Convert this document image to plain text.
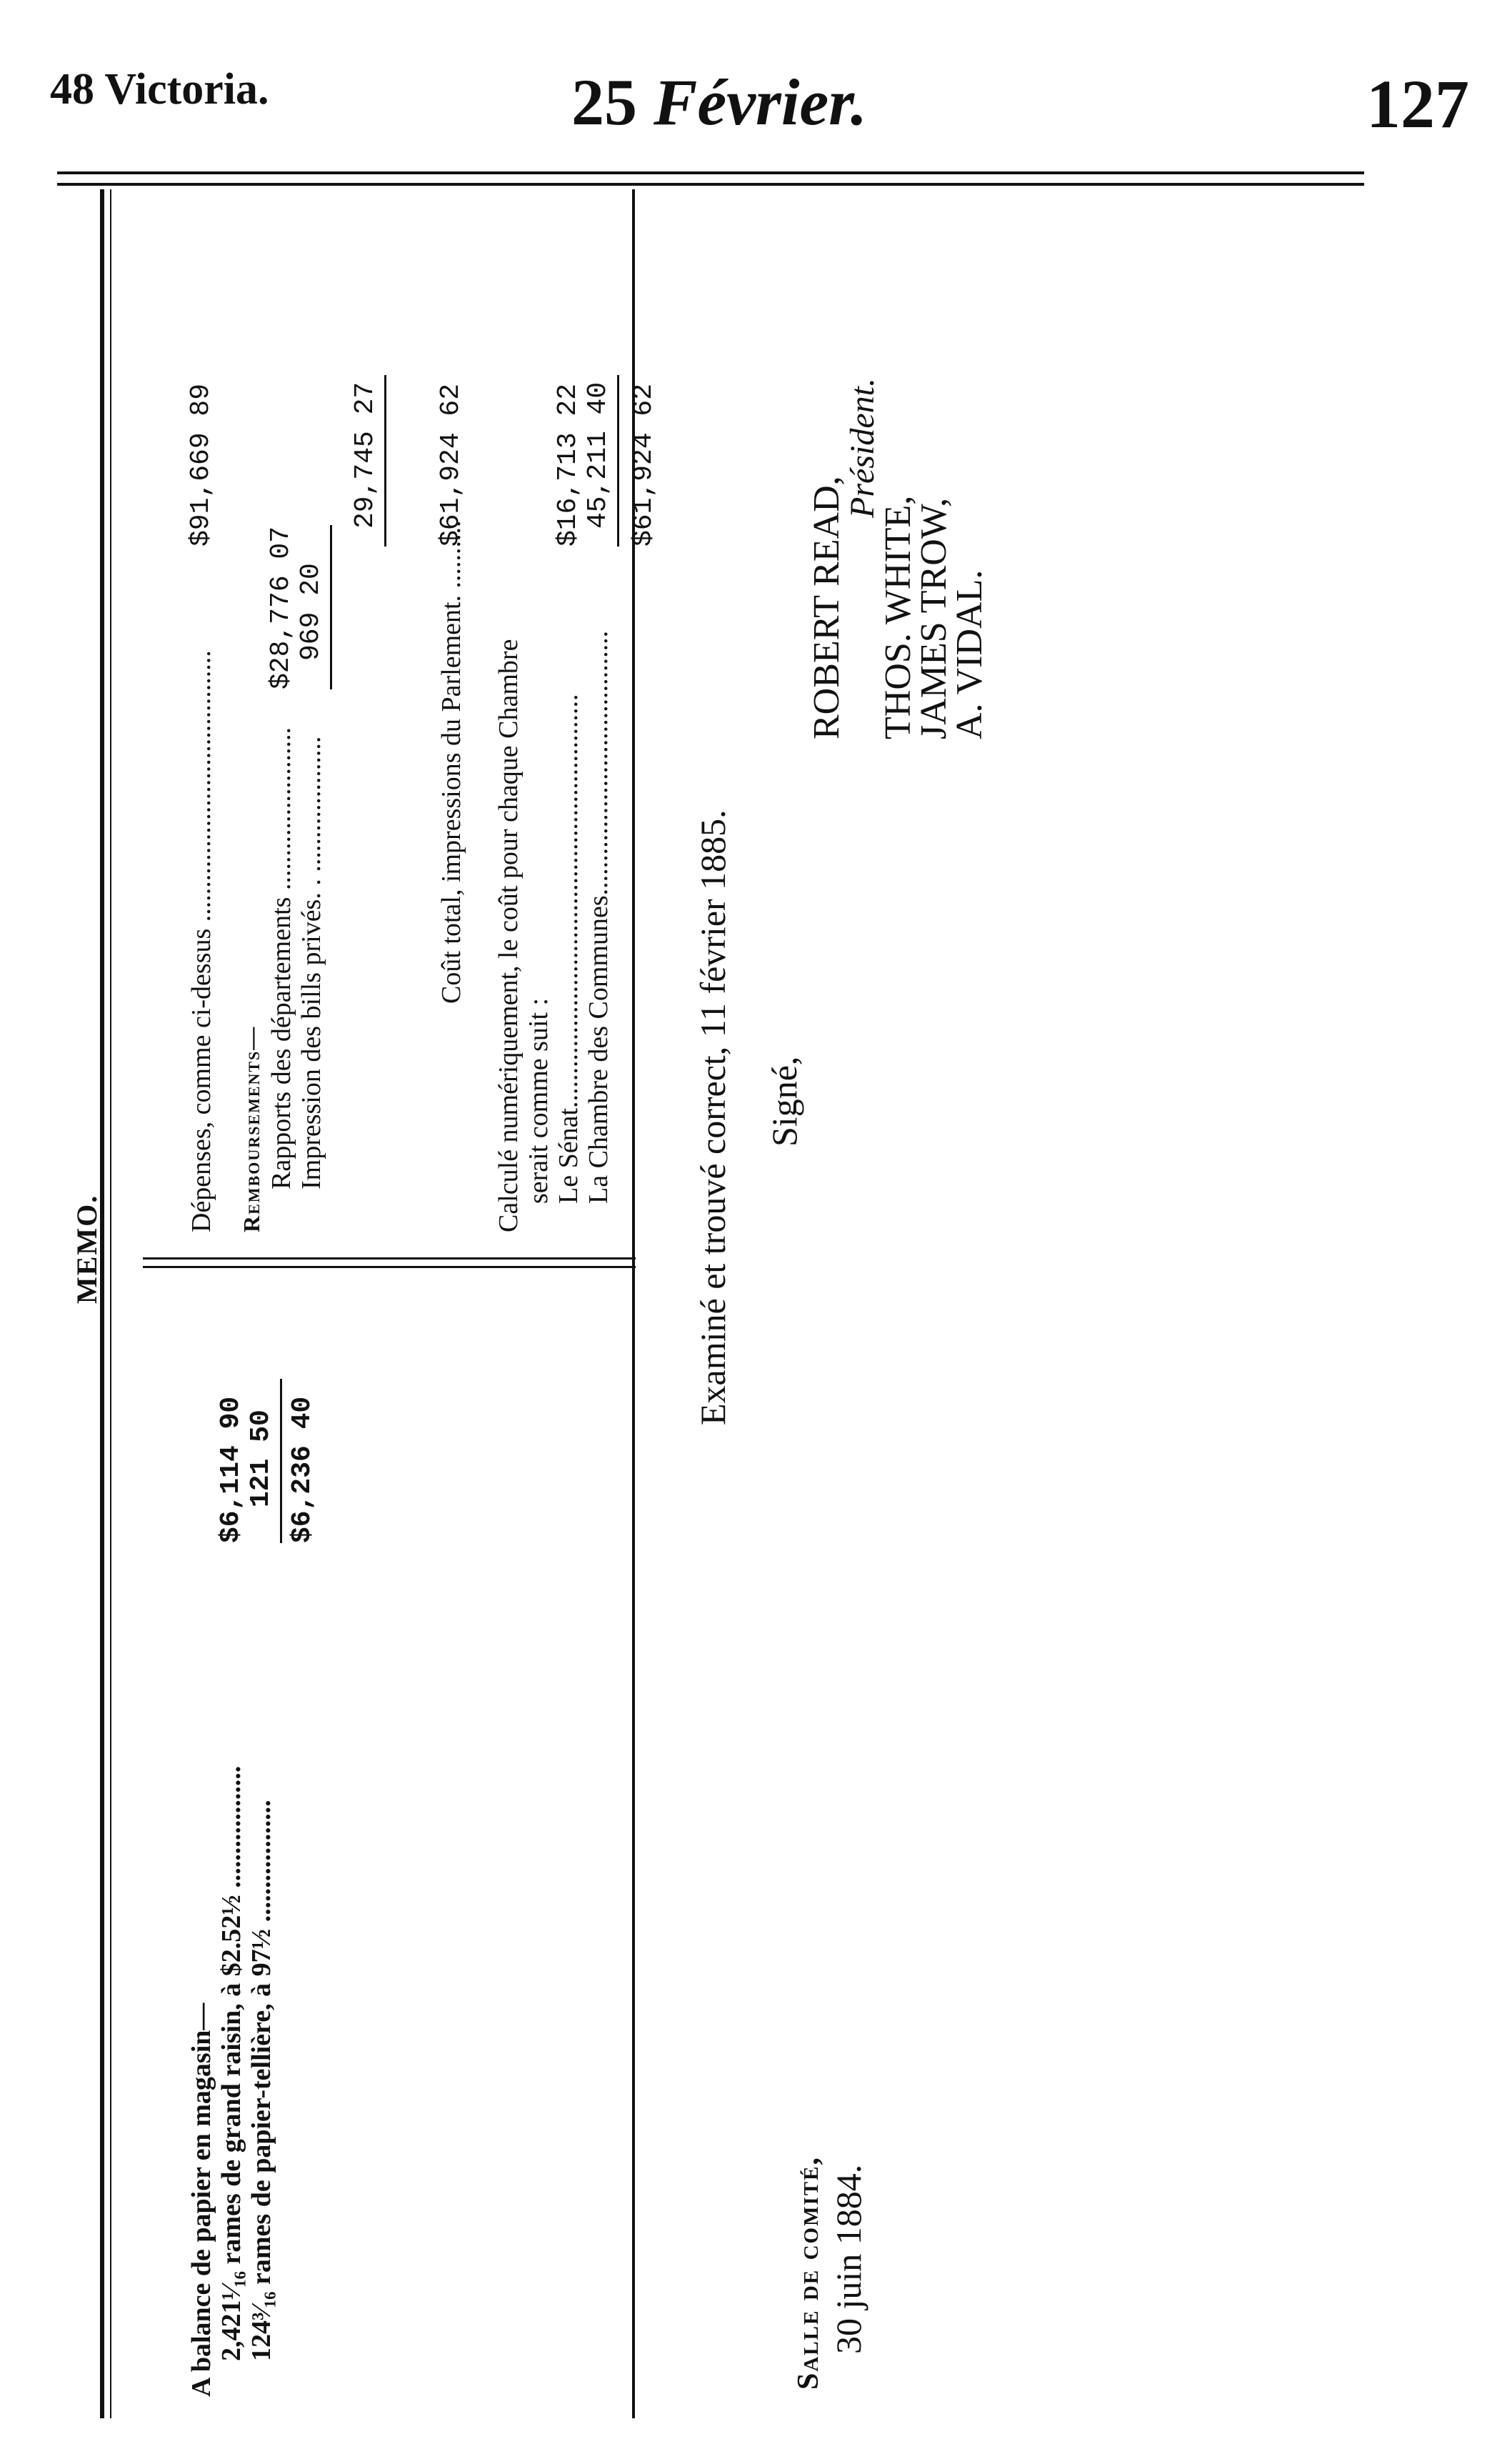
48 Victoria.	25 Février.	127
MEMO.
A balance de papier en magasin— 2,421¹⁄₁₆ rames de grand raisin, à $2.52½ ..................
$6,114 90
124³⁄₁₆ rames de papier-tellière, à 97½ ..................
121 50 $6,236 40
Dépenses, comme ci-dessus ........................................
$91,669 89
Remboursements— Rapports des départements ........................
$28,776 07
Impression des bills privés. . ....................
969 20
29,745 27
Coût total, impressions du Parlement. ..........
$61,924 62
Calculé numériquement, le coût pour chaque Chambre serait comme suit : Le Sénat.............................................................
$16,713 22
La Chambre des Communes.......................................
45,211 40 $61,924 62
Examiné et trouvé correct, 11 février 1885. Signé,
ROBERT READ,
Président.
THOS. WHITE,
JAMES TROW,
A. VIDAL.
Salle de comité, 30 juin 1884.
